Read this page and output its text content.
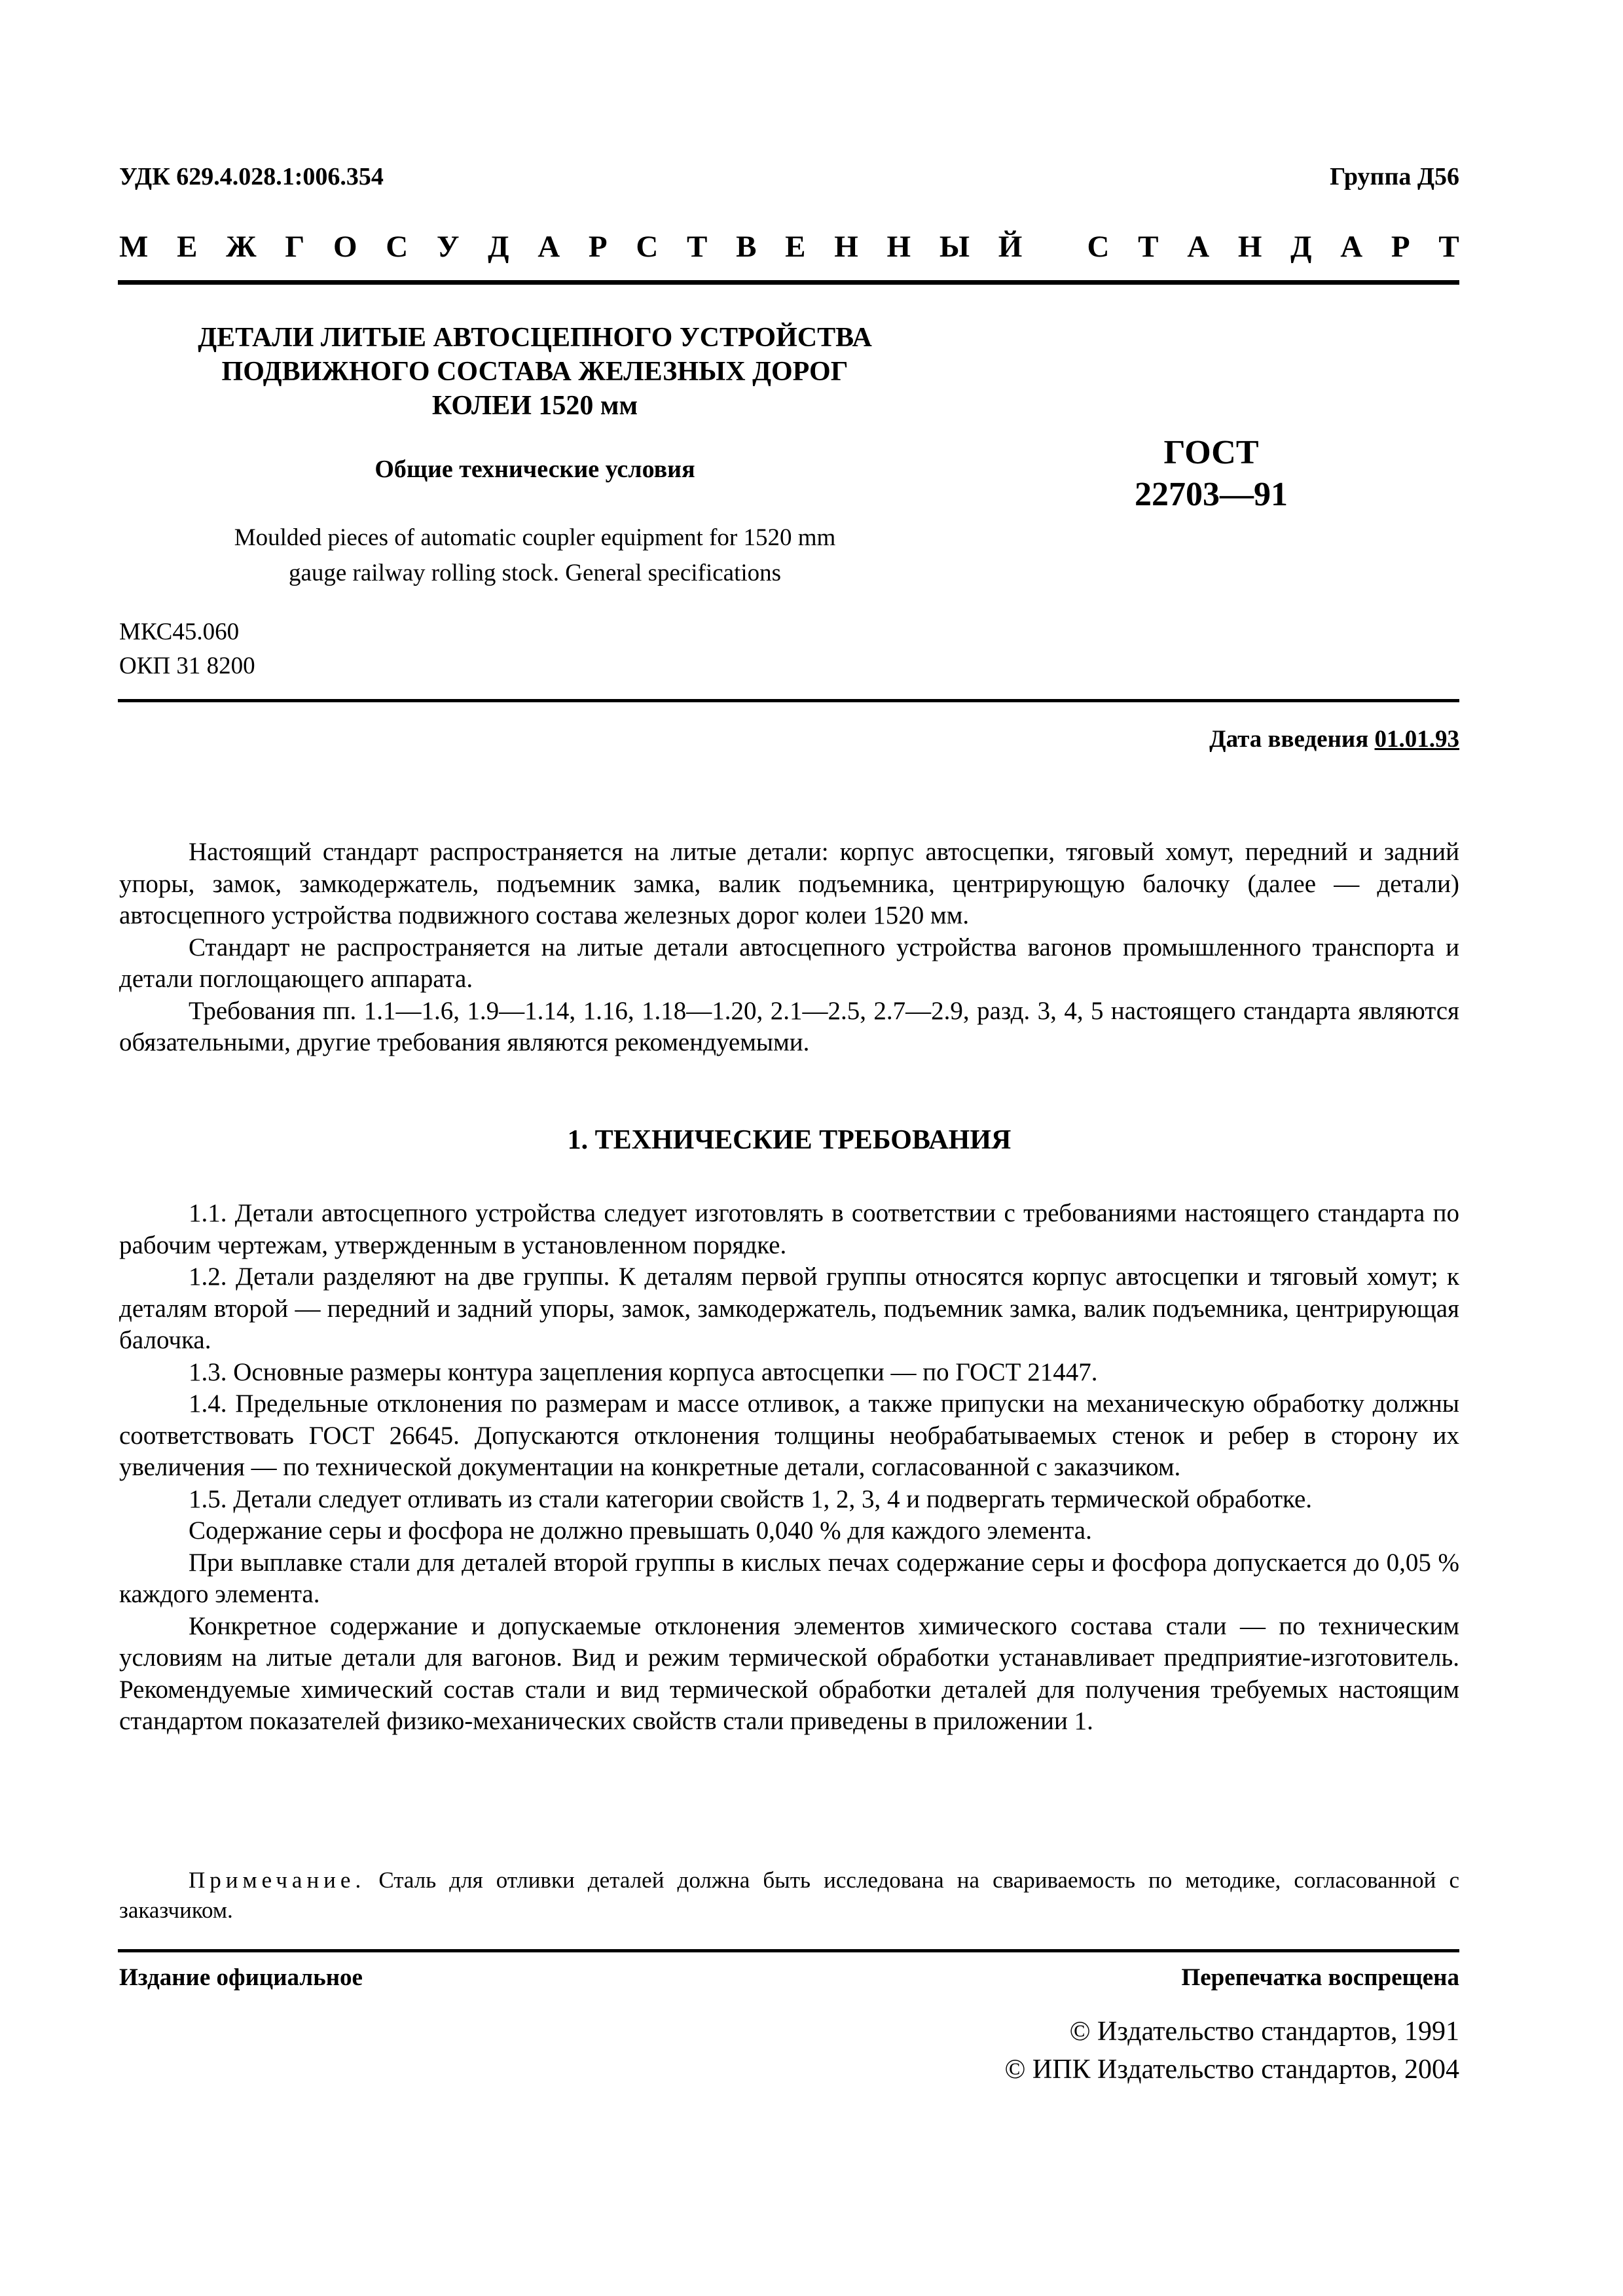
УДК 629.4.028.1:006.354	Группа Д56
М Е Ж Г О С У Д А Р С Т В Е Н Н Ы Й
С Т А Н Д А Р Т
ДЕТАЛИ ЛИТЫЕ АВТОСЦЕПНОГО УСТРОЙСТВА
ПОДВИЖНОГО СОСТАВА ЖЕЛЕЗНЫХ ДОРОГ
КОЛЕИ 1520 мм
Общие технические условия	ГОСТ
22703—91
Moulded pieces of automatic coupler equipment for 1520 mm
gauge railway rolling stock. General specifications
МКС45.060
ОКП 31 8200
Дата введения 01.01.93

Настоящий стандарт распространяется на литые детали: корпус автосцепки, тяговый хомут, передний и задний упоры, замок, замкодержатель, подъемник замка, валик подъемника, центрирующую балочку (далее — детали) автосцепного устройства подвижного состава железных дорог колеи 1520 мм.

Стандарт не распространяется на литые детали автосцепного устройства вагонов промышленного транспорта и детали поглощающего аппарата.

Требования пп. 1.1—1.6, 1.9—1.14, 1.16, 1.18—1.20, 2.1—2.5, 2.7—2.9, разд. 3, 4, 5 настоящего стандарта являются обязательными, другие требования являются рекомендуемыми.

1. ТЕХНИЧЕСКИЕ ТРЕБОВАНИЯ

1.1. Детали автосцепного устройства следует изготовлять в соответствии с требованиями настоящего стандарта по рабочим чертежам, утвержденным в установленном порядке.

1.2. Детали разделяют на две группы. К деталям первой группы относятся корпус автосцепки и тяговый хомут; к деталям второй — передний и задний упоры, замок, замкодержатель, подъемник замка, валик подъемника, центрирующая балочка.

1.3. Основные размеры контура зацепления корпуса автосцепки — по ГОСТ 21447.

1.4. Предельные отклонения по размерам и массе отливок, а также припуски на механическую обработку должны соответствовать ГОСТ 26645. Допускаются отклонения толщины необрабатываемых стенок и ребер в сторону их увеличения — по технической документации на конкретные детали, согласованной с заказчиком.

1.5. Детали следует отливать из стали категории свойств 1, 2, 3, 4 и подвергать термической обработке.

Содержание серы и фосфора не должно превышать 0,040 % для каждого элемента.

При выплавке стали для деталей второй группы в кислых печах содержание серы и фосфора допускается до 0,05 % каждого элемента.

Конкретное содержание и допускаемые отклонения элементов химического состава стали — по техническим условиям на литые детали для вагонов. Вид и режим термической обработки устанавливает предприятие-изготовитель. Рекомендуемые химический состав стали и вид термической обработки деталей для получения требуемых настоящим стандартом показателей физико-механических свойств стали приведены в приложении 1.

Примечание. Сталь для отливки деталей должна быть исследована на свариваемость по методике, согласованной с заказчиком.
Издание официальное	Перепечатка воспрещена
© Издательство стандартов, 1991
© ИПК Издательство стандартов, 2004
